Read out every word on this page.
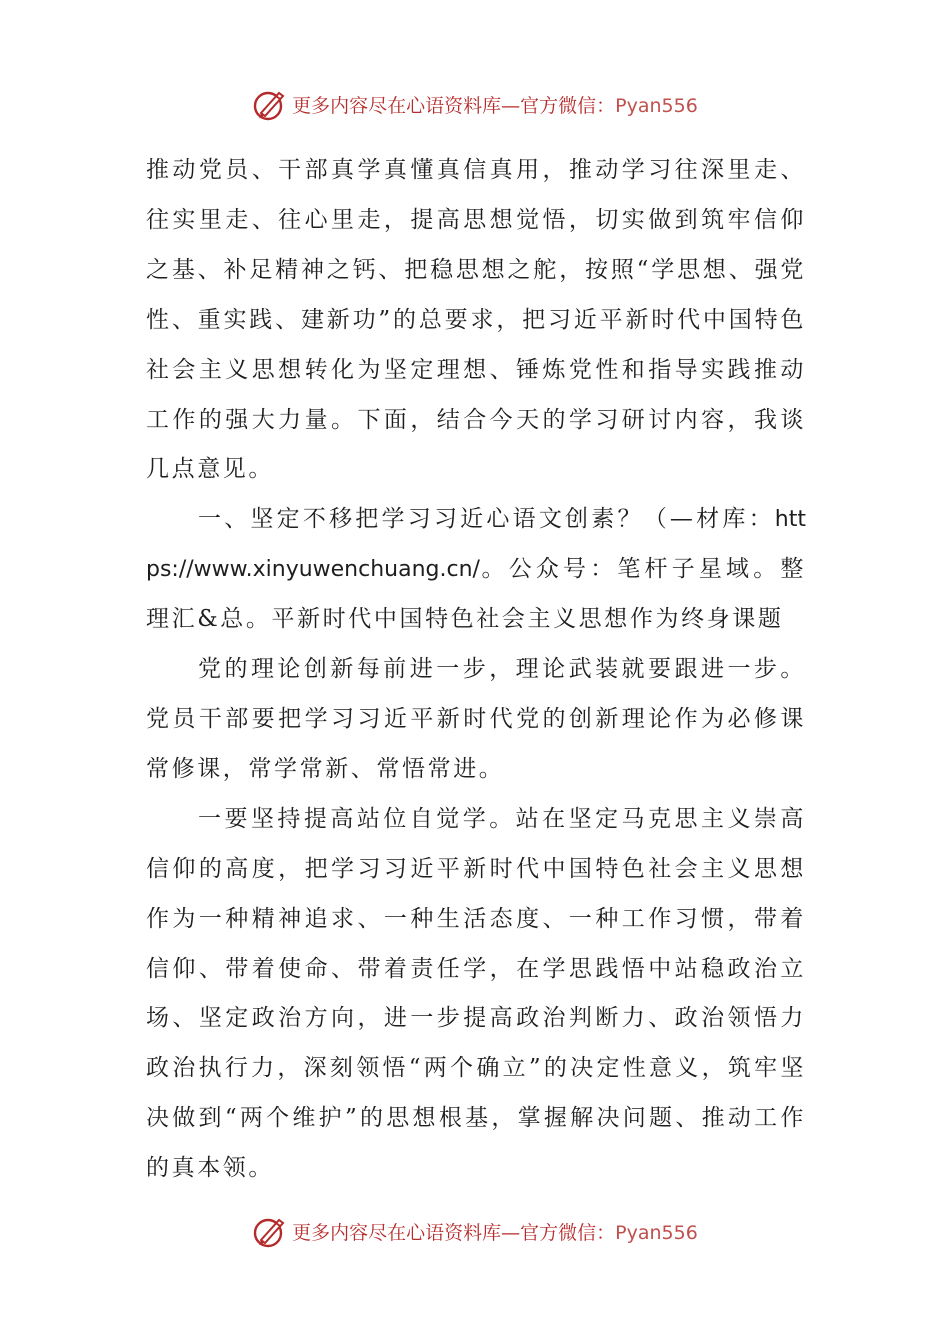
更多内容尽在心语资料库—官方微信：Pyan556

推动党员、干部真学真懂真信真用，推动学习往深里走、往实里走、往心里走，提高思想觉悟，切实做到筑牢信仰之基、补足精神之钙、把稳思想之舵，按照“学思想、强党性、重实践、建新功”的总要求，把习近平新时代中国特色社会主义思想转化为坚定理想、锤炼党性和指导实践推动工作的强大力量。下面，结合今天的学习研讨内容，我谈几点意见。

一、坚定不移把学习习近心语文创素？（—材库：https://www.xinyuwenchuang.cn/。公众号：笔杆子星域。整理汇&总。平新时代中国特色社会主义思想作为终身课题

党的理论创新每前进一步，理论武装就要跟进一步。党员干部要把学习习近平新时代党的创新理论作为必修课常修课，常学常新、常悟常进。

一要坚持提高站位自觉学。站在坚定马克思主义崇高信仰的高度，把学习习近平新时代中国特色社会主义思想作为一种精神追求、一种生活态度、一种工作习惯，带着信仰、带着使命、带着责任学，在学思践悟中站稳政治立场、坚定政治方向，进一步提高政治判断力、政治领悟力政治执行力，深刻领悟“两个确立”的决定性意义，筑牢坚决做到“两个维护”的思想根基，掌握解决问题、推动工作的真本领。

更多内容尽在心语资料库—官方微信：Pyan556
